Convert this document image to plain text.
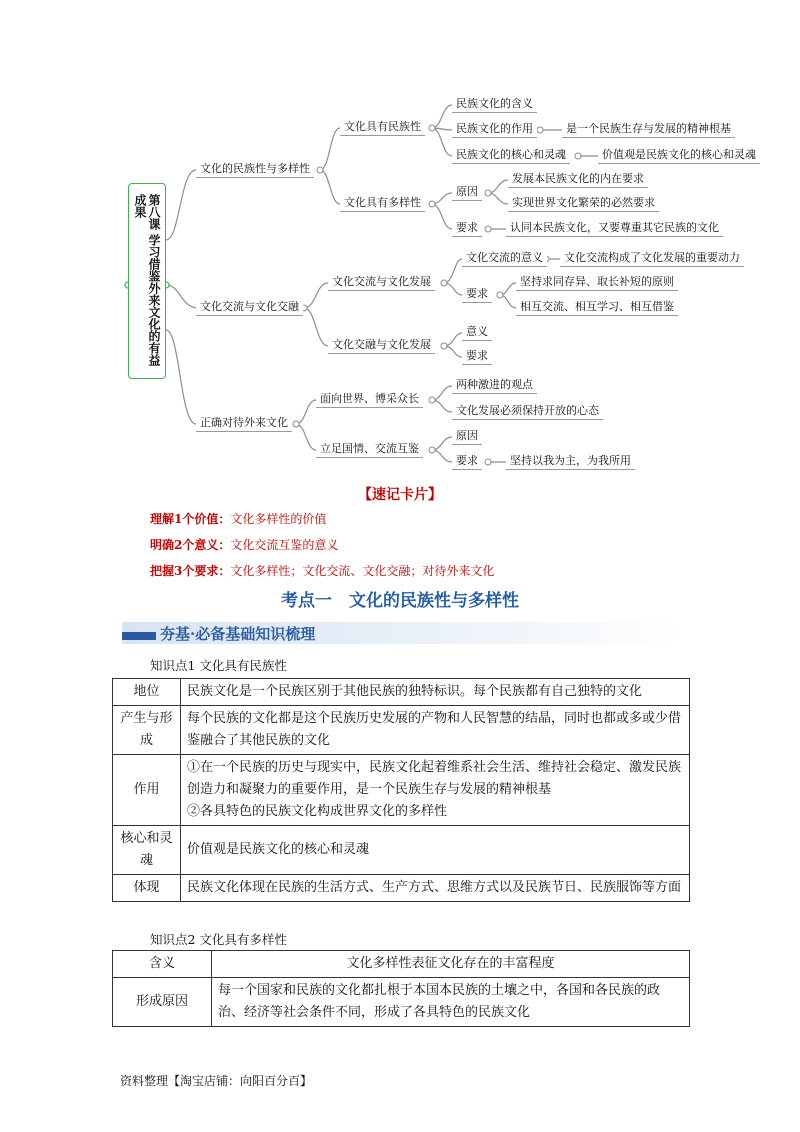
第八课 学习借鉴外来文化的有益成果
文化的民族性与多样性
文化具有民族性
民族文化的含义
民族文化的作用	是一个民族生存与发展的精神根基
民族文化的核心和灵魂	价值观是民族文化的核心和灵魂
文化具有多样性
原因
发展本民族文化的内在要求
实现世界文化繁荣的必然要求
要求	认同本民族文化，又要尊重其它民族的文化
文化交流与文化交融
文化交流与文化发展
文化交流的意义	文化交流构成了文化发展的重要动力
要求
坚持求同存异、取长补短的原则
相互交流、相互学习、相互借鉴
文化交融与文化发展
意义
要求
正确对待外来文化
面向世界、博采众长
两种激进的观点
文化发展必须保持开放的心态
立足国情、交流互鉴
原因
要求	坚持以我为主，为我所用
【速记卡片】
理解1个价值：文化多样性的价值
明确2个意义：文化交流互鉴的意义
把握3个要求：文化多样性；文化交流、文化交融；对待外来文化
考点一　文化的民族性与多样性
夯基·必备基础知识梳理
知识点1 文化具有民族性
地位	民族文化是一个民族区别于其他民族的独特标识。每个民族都有自己独特的文化
产生与形成	每个民族的文化都是这个民族历史发展的产物和人民智慧的结晶，同时也都或多或少借鉴融合了其他民族的文化
作用	①在一个民族的历史与现实中，民族文化起着维系社会生活、维持社会稳定、激发民族创造力和凝聚力的重要作用，是一个民族生存与发展的精神根基
②各具特色的民族文化构成世界文化的多样性

核心和灵魂	价值观是民族文化的核心和灵魂
体现	民族文化体现在民族的生活方式、生产方式、思维方式以及民族节日、民族服饰等方面
知识点2 文化具有多样性
含义	文化多样性表征文化存在的丰富程度
形成原因	每一个国家和民族的文化都扎根于本国本民族的土壤之中，各国和各民族的政治、经济等社会条件不同，形成了各具特色的民族文化
资料整理【淘宝店铺：向阳百分百】
